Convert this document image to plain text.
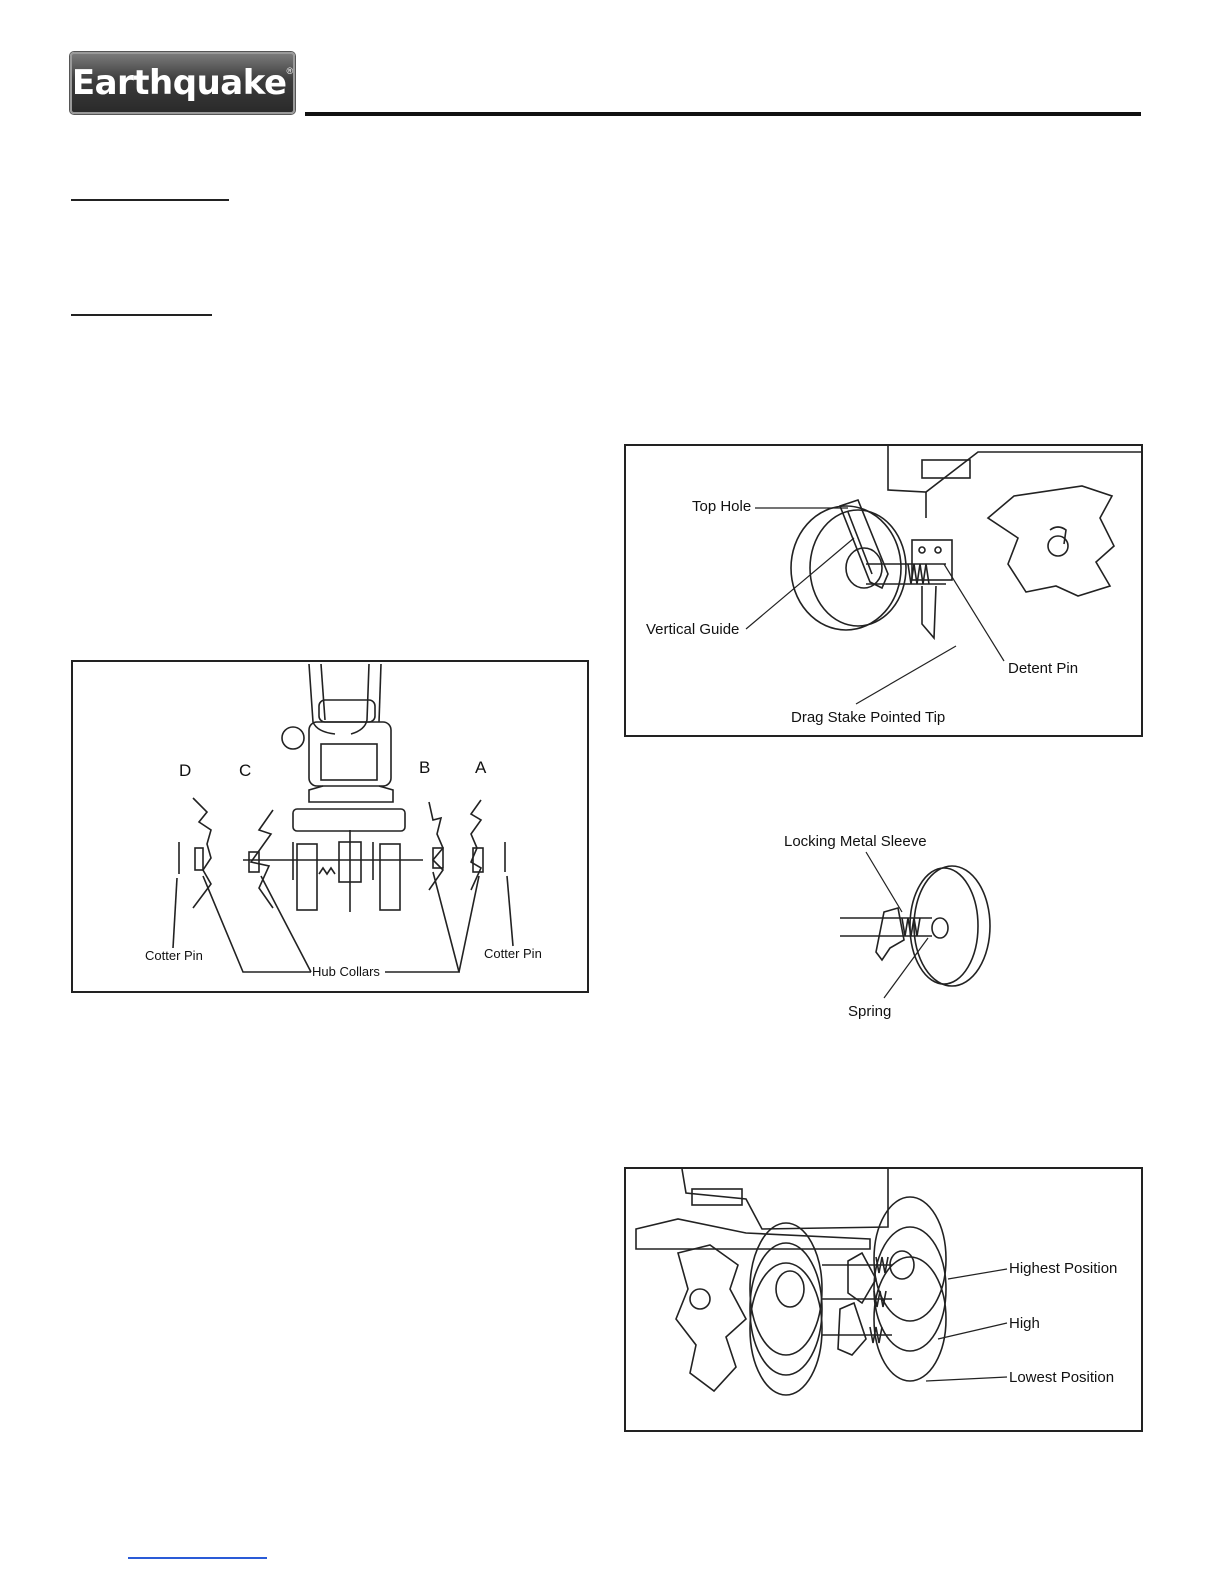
Earthquake ®
D	C	B	A
Cotter Pin	Cotter Pin
Hub Collars
Top Hole
Vertical Guide
Detent Pin
Drag Stake Pointed Tip
Locking Metal Sleeve
Spring
Highest Position
High
Lowest Position
